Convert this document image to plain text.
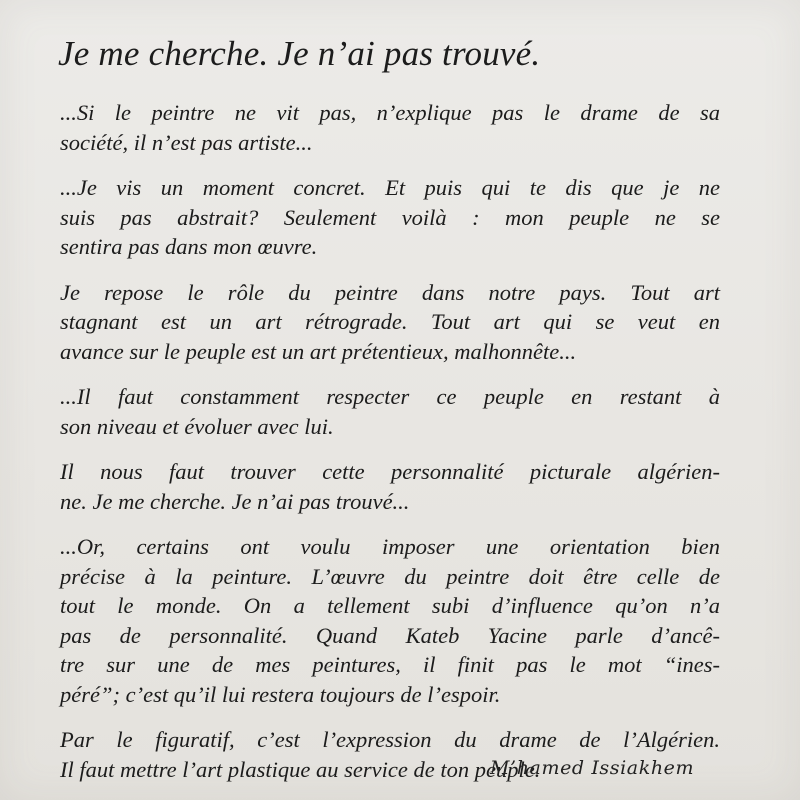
Je me cherche. Je n’ai pas trouvé.

...Si le peintre ne vit pas, n’explique pas le drame de sa
société, il n’est pas artiste...

...Je vis un moment concret. Et puis qui te dis que je ne
suis pas abstrait? Seulement voilà : mon peuple ne se
sentira pas dans mon œuvre.

Je repose le rôle du peintre dans notre pays. Tout art
stagnant est un art rétrograde. Tout art qui se veut en
avance sur le peuple est un art prétentieux, malhonnête...

...Il faut constamment respecter ce peuple en restant à
son niveau et évoluer avec lui.

Il nous faut trouver cette personnalité picturale algérien-
ne. Je me cherche. Je n’ai pas trouvé...

...Or, certains ont voulu imposer une orientation bien
précise à la peinture. L’œuvre du peintre doit être celle de
tout le monde. On a tellement subi d’influence qu’on n’a
pas de personnalité. Quand Kateb Yacine parle d’ancê-
tre sur une de mes peintures, il finit pas le mot “ines-
péré”; c’est qu’il lui restera toujours de l’espoir.

Par le figuratif, c’est l’expression du drame de l’Algérien.
Il faut mettre l’art plastique au service de ton peuple.

M’hamed Issiakhem
